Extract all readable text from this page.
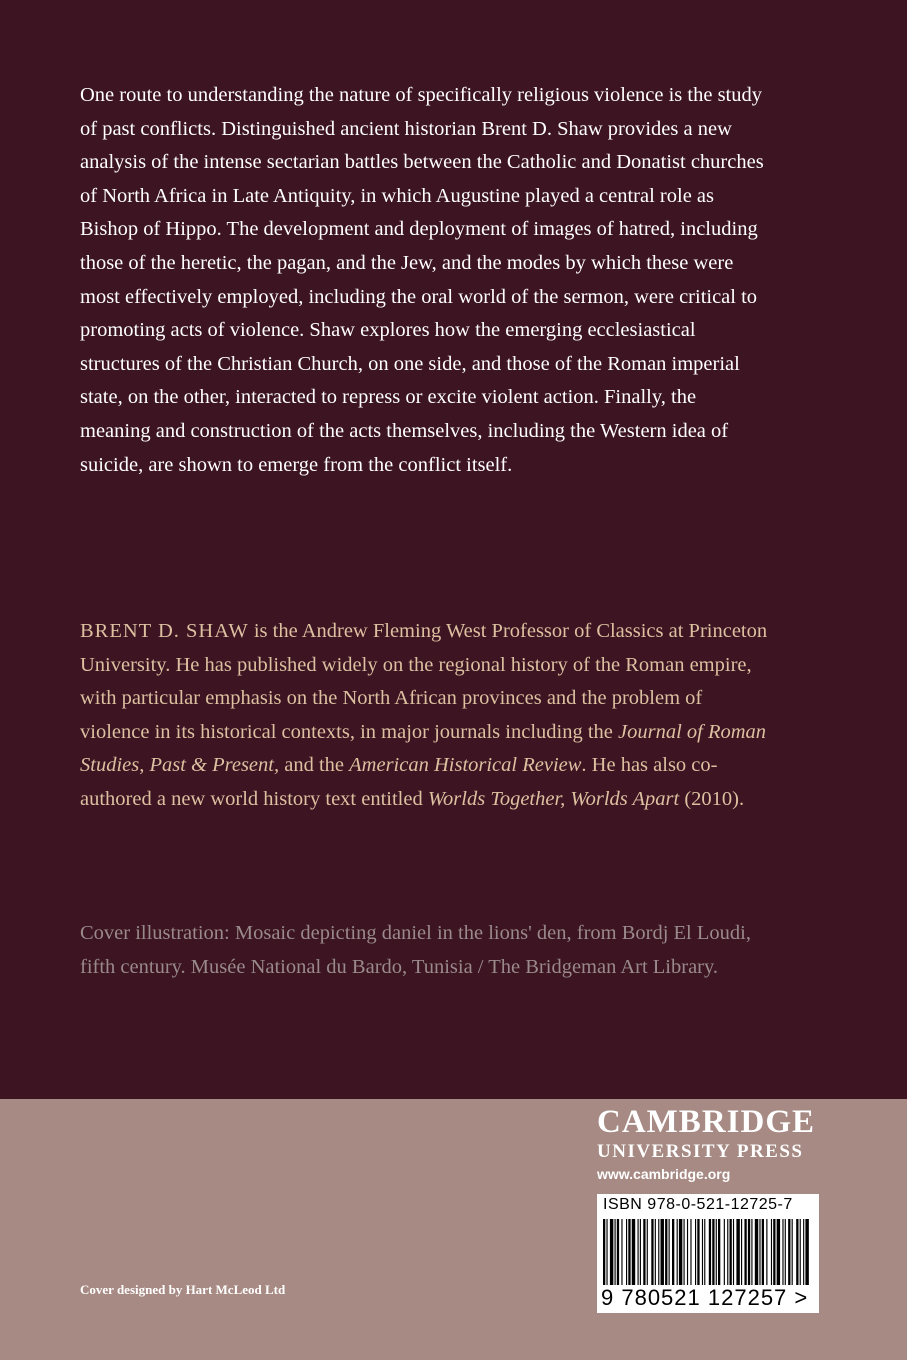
One route to understanding the nature of specifically religious violence is the study of past conflicts. Distinguished ancient historian Brent D. Shaw provides a new analysis of the intense sectarian battles between the Catholic and Donatist churches of North Africa in Late Antiquity, in which Augustine played a central role as Bishop of Hippo. The development and deployment of images of hatred, including those of the heretic, the pagan, and the Jew, and the modes by which these were most effectively employed, including the oral world of the sermon, were critical to promoting acts of violence. Shaw explores how the emerging ecclesiastical structures of the Christian Church, on one side, and those of the Roman imperial state, on the other, interacted to repress or excite violent action. Finally, the meaning and construction of the acts themselves, including the Western idea of suicide, are shown to emerge from the conflict itself.

BRENT D. SHAW is the Andrew Fleming West Professor of Classics at Princeton University. He has published widely on the regional history of the Roman empire, with particular emphasis on the North African provinces and the problem of violence in its historical contexts, in major journals including the Journal of Roman Studies, Past & Present, and the American Historical Review. He has also co-authored a new world history text entitled Worlds Together, Worlds Apart (2010).

Cover illustration: Mosaic depicting daniel in the lions' den, from Bordj El Loudi, fifth century. Musée National du Bardo, Tunisia / The Bridgeman Art Library.

Cover designed by Hart McLeod Ltd
CAMBRIDGE
UNIVERSITY PRESS
www.cambridge.org
ISBN 978-0-521-12725-7
9 780521 127257 >
